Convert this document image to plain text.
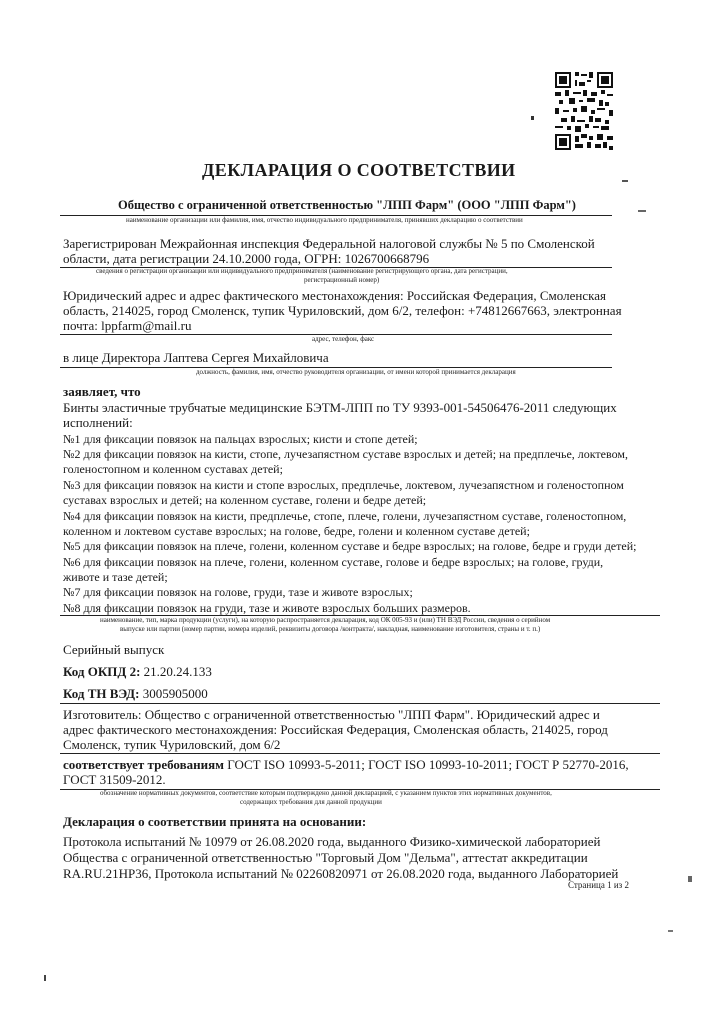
ДЕКЛАРАЦИЯ О СООТВЕТСТВИИ
Общество с ограниченной ответственностью "ЛПП Фарм" (ООО "ЛПП Фарм")
наименование организации или фамилия, имя, отчество индивидуального предпринимателя, принявших декларацию о соответствии
Зарегистрирован Межрайонная инспекция Федеральной налоговой службы № 5 по Смоленской
области, дата регистрации 24.10.2000 года, ОГРН: 1026700668796
сведения о регистрации организации или индивидуального предпринимателя (наименование регистрирующего органа, дата регистрации,
регистрационный номер)
Юридический адрес и адрес фактического местонахождения: Российская Федерация, Смоленская
область, 214025, город Смоленск, тупик Чуриловский, дом 6/2, телефон: +74812667663, электронная
почта: lppfarm@mail.ru
адрес, телефон, факс
в лице Директора Лаптева Сергея Михайловича
должность, фамилия, имя, отчество руководителя организации, от имени которой принимается декларация
заявляет, что
Бинты эластичные трубчатые медицинские БЭТМ-ЛПП по ТУ 9393-001-54506476-2011 следующих
исполнений:
№1 для фиксации повязок на пальцах взрослых; кисти и стопе детей;
№2 для фиксации повязок на кисти, стопе, лучезапястном суставе взрослых и детей; на предплечье, локтевом,
голеностопном и коленном суставах детей;
№3 для фиксации повязок на кисти и стопе взрослых, предплечье, локтевом, лучезапястном и голеностопном
суставах взрослых и детей; на коленном суставе, голени и бедре детей;
№4 для фиксации повязок на кисти, предплечье, стопе, плече, голени, лучезапястном суставе, голеностопном,
коленном и локтевом суставе взрослых; на голове, бедре, голени и коленном суставе детей;
№5 для фиксации повязок на плече, голени, коленном суставе и бедре взрослых; на голове, бедре и груди детей;
№6 для фиксации повязок на плече, голени, коленном суставе, голове и бедре взрослых; на голове, груди,
животе и тазе детей;
№7 для фиксации повязок на голове, груди, тазе и животе взрослых;
№8 для фиксации повязок на груди, тазе и животе взрослых больших размеров.
наименование, тип, марка продукции (услуги), на которую распространяется декларация, код ОК 005-93 и (или) ТН ВЭД России, сведения о серийном
выпуске или партии (номер партии, номера изделий, реквизиты договора /контракта/, накладная, наименование изготовителя, страны и т. п.)
Серийный выпуск
Код ОКПД 2: 21.20.24.133
Код ТН ВЭД: 3005905000
Изготовитель: Общество с ограниченной ответственностью "ЛПП Фарм". Юридический адрес и
адрес фактического местонахождения: Российская Федерация, Смоленская область, 214025, город
Смоленск, тупик Чуриловский, дом 6/2
соответствует требованиям ГОСТ ISO 10993-5-2011; ГОСТ ISO 10993-10-2011; ГОСТ Р 52770-2016,
ГОСТ 31509-2012.
обозначение нормативных документов, соответствие которым подтверждено данной декларацией, с указанием пунктов этих нормативных документов,
содержащих требования для данной продукции
Декларация о соответствии принята на основании:
Протокола испытаний № 10979 от 26.08.2020 года, выданного Физико-химической лабораторией
Общества с ограниченной ответственностью "Торговый Дом "Дельма", аттестат аккредитации
RA.RU.21НР36, Протокола испытаний № 02260820971 от 26.08.2020 года, выданного Лабораторией
Страница 1 из 2
